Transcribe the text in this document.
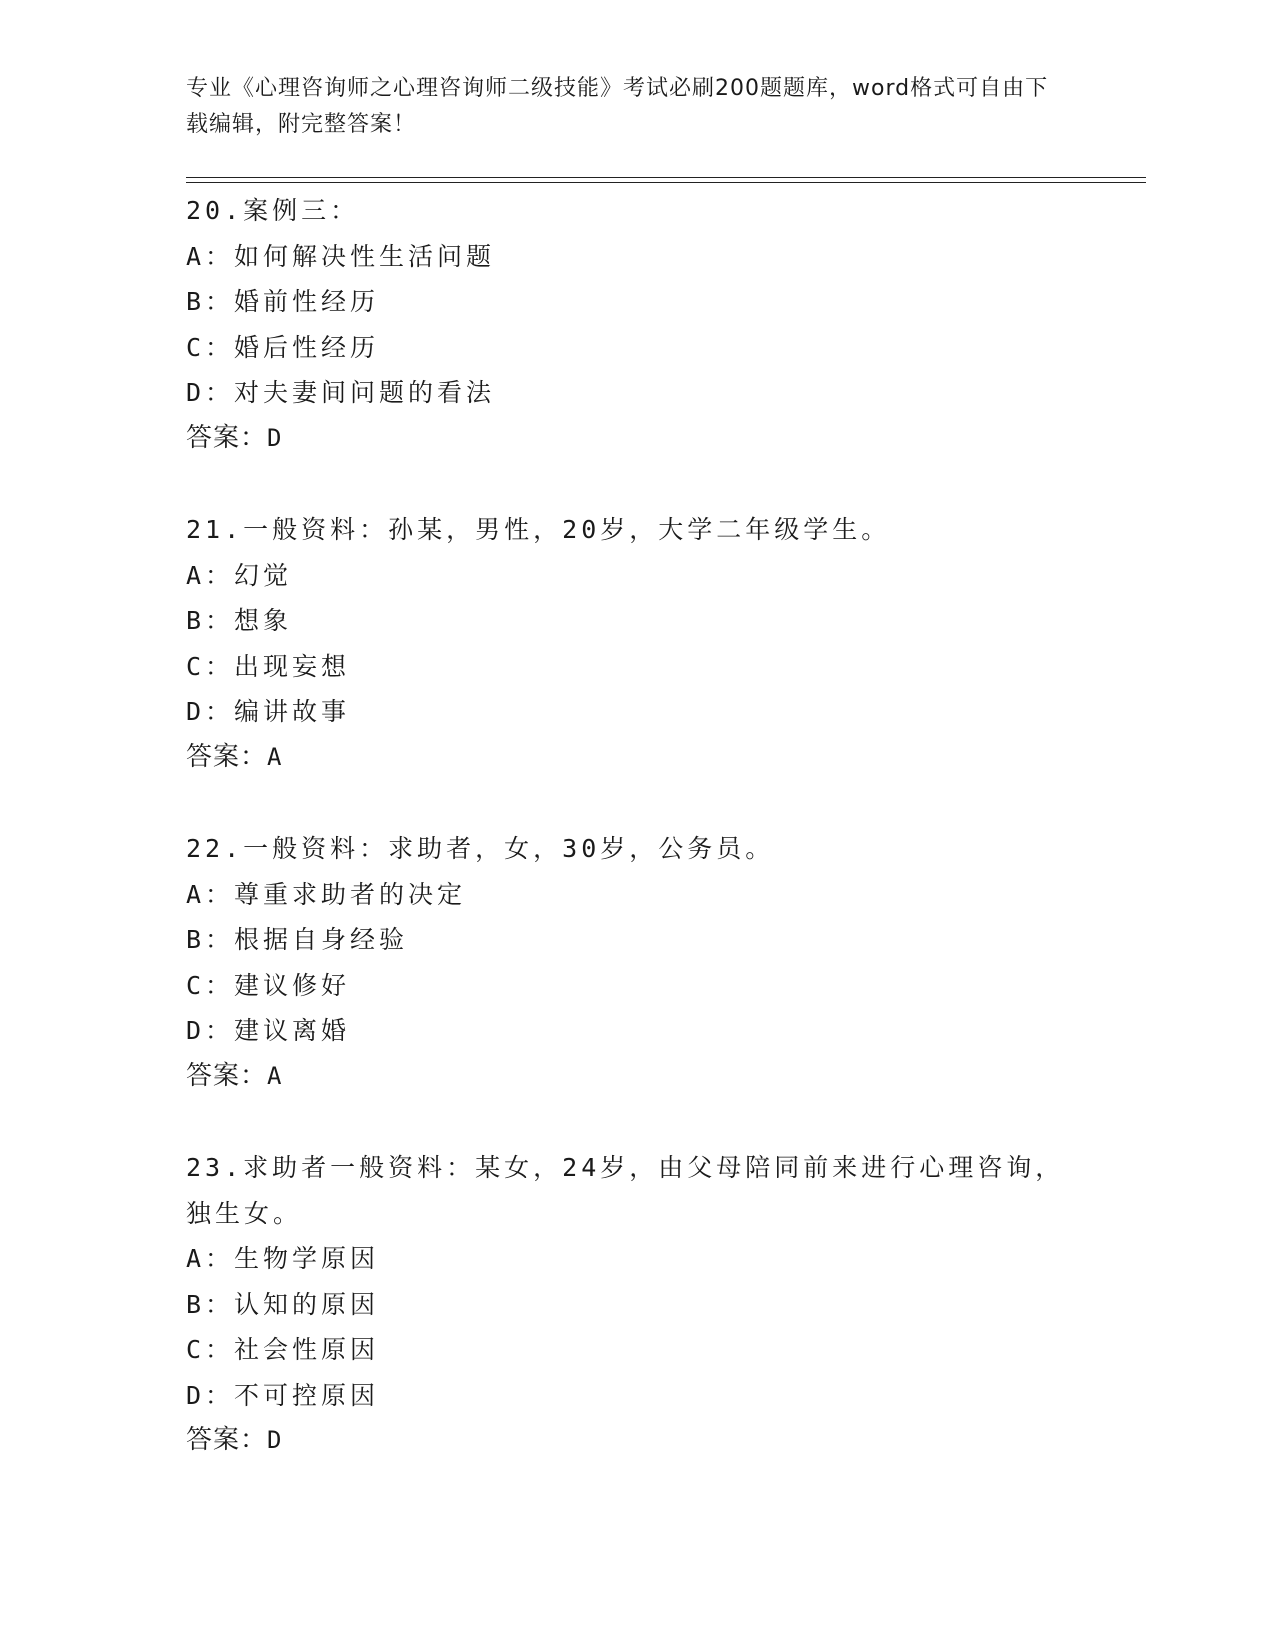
专业《心理咨询师之心理咨询师二级技能》考试必刷200题题库，word格式可自由下载编辑，附完整答案！
20.案例三：
A：如何解决性生活问题
B：婚前性经历
C：婚后性经历
D：对夫妻间问题的看法
答案：D
21.一般资料：孙某，男性，20岁，大学二年级学生。
A：幻觉
B：想象
C：出现妄想
D：编讲故事
答案：A
22.一般资料：求助者，女，30岁，公务员。
A：尊重求助者的决定
B：根据自身经验
C：建议修好
D：建议离婚
答案：A
23.求助者一般资料：某女，24岁，由父母陪同前来进行心理咨询，独生女。
A：生物学原因
B：认知的原因
C：社会性原因
D：不可控原因
答案：D
